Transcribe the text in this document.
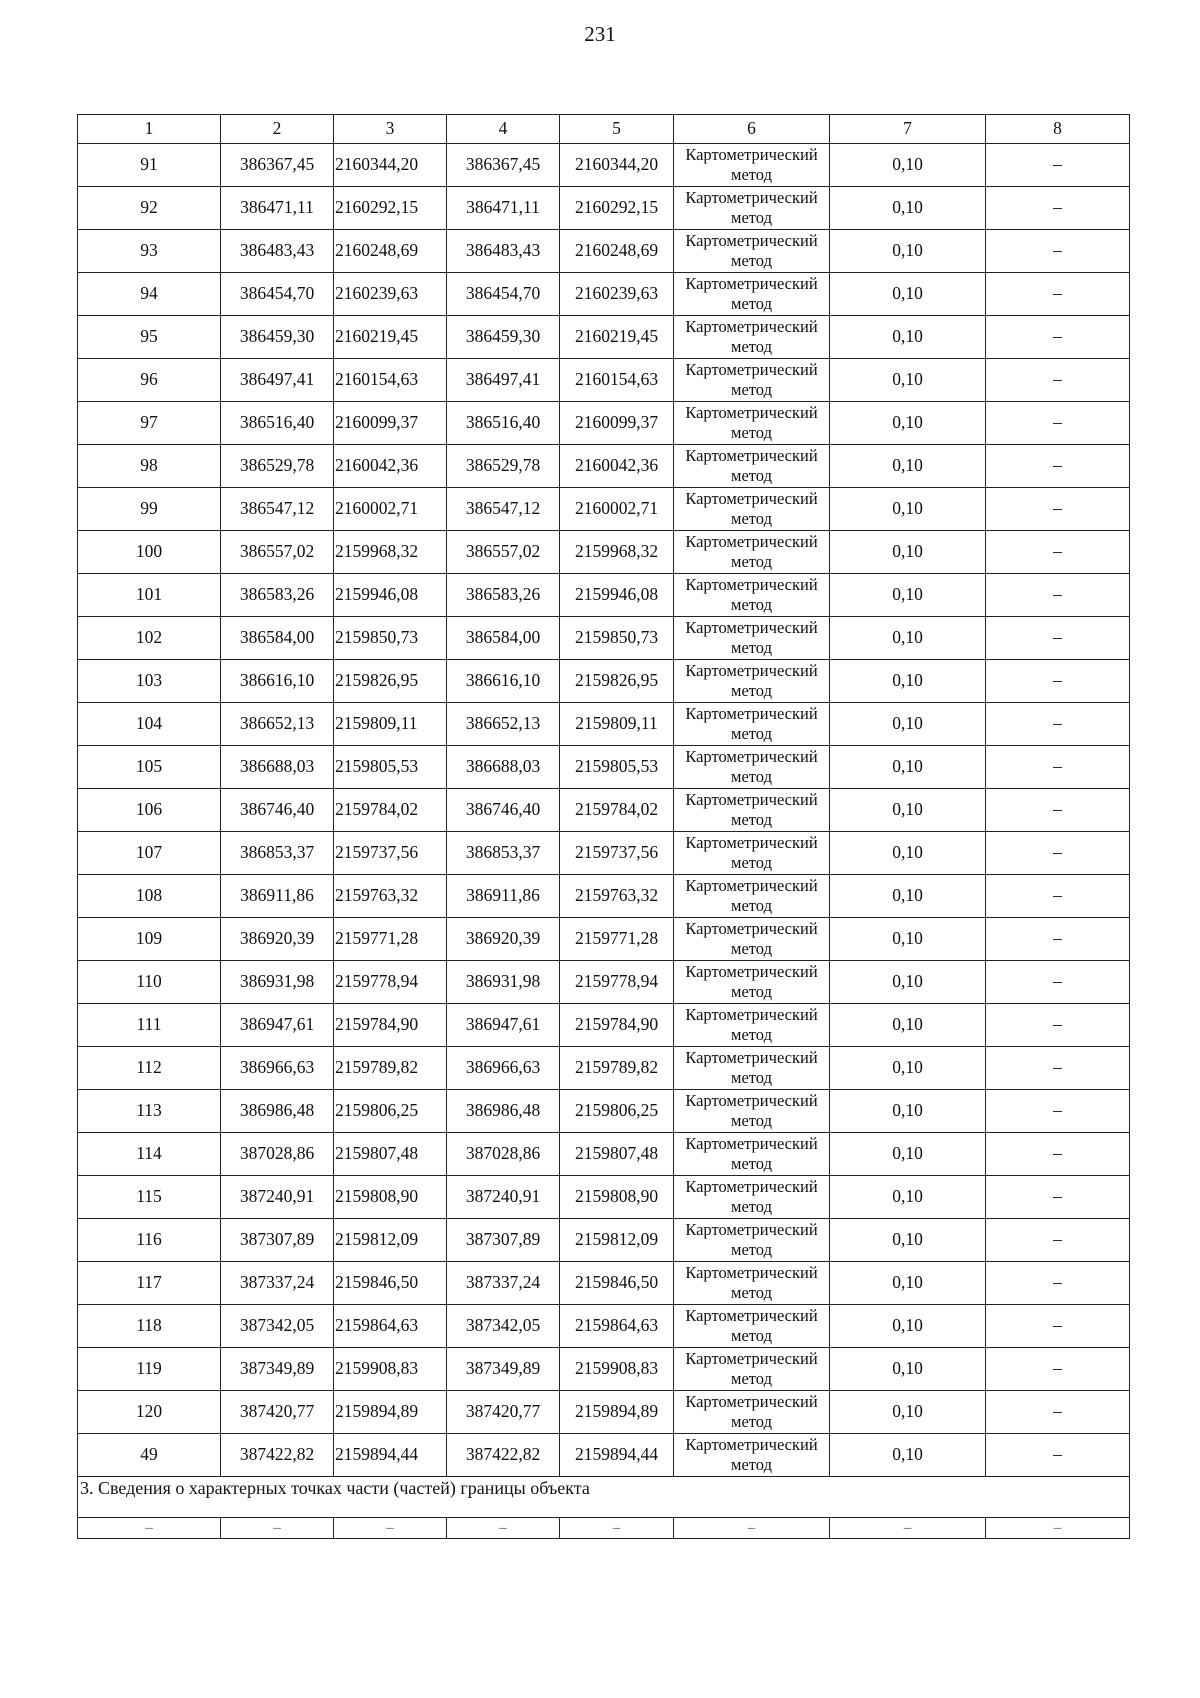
231
1	2	3	4	5	6	7	8
91	386367,45	2160344,20	386367,45	2160344,20	Картометрический метод	0,10	–
92	386471,11	2160292,15	386471,11	2160292,15	Картометрический метод	0,10	–
93	386483,43	2160248,69	386483,43	2160248,69	Картометрический метод	0,10	–
94	386454,70	2160239,63	386454,70	2160239,63	Картометрический метод	0,10	–
95	386459,30	2160219,45	386459,30	2160219,45	Картометрический метод	0,10	–
96	386497,41	2160154,63	386497,41	2160154,63	Картометрический метод	0,10	–
97	386516,40	2160099,37	386516,40	2160099,37	Картометрический метод	0,10	–
98	386529,78	2160042,36	386529,78	2160042,36	Картометрический метод	0,10	–
99	386547,12	2160002,71	386547,12	2160002,71	Картометрический метод	0,10	–
100	386557,02	2159968,32	386557,02	2159968,32	Картометрический метод	0,10	–
101	386583,26	2159946,08	386583,26	2159946,08	Картометрический метод	0,10	–
102	386584,00	2159850,73	386584,00	2159850,73	Картометрический метод	0,10	–
103	386616,10	2159826,95	386616,10	2159826,95	Картометрический метод	0,10	–
104	386652,13	2159809,11	386652,13	2159809,11	Картометрический метод	0,10	–
105	386688,03	2159805,53	386688,03	2159805,53	Картометрический метод	0,10	–
106	386746,40	2159784,02	386746,40	2159784,02	Картометрический метод	0,10	–
107	386853,37	2159737,56	386853,37	2159737,56	Картометрический метод	0,10	–
108	386911,86	2159763,32	386911,86	2159763,32	Картометрический метод	0,10	–
109	386920,39	2159771,28	386920,39	2159771,28	Картометрический метод	0,10	–
110	386931,98	2159778,94	386931,98	2159778,94	Картометрический метод	0,10	–
111	386947,61	2159784,90	386947,61	2159784,90	Картометрический метод	0,10	–
112	386966,63	2159789,82	386966,63	2159789,82	Картометрический метод	0,10	–
113	386986,48	2159806,25	386986,48	2159806,25	Картометрический метод	0,10	–
114	387028,86	2159807,48	387028,86	2159807,48	Картометрический метод	0,10	–
115	387240,91	2159808,90	387240,91	2159808,90	Картометрический метод	0,10	–
116	387307,89	2159812,09	387307,89	2159812,09	Картометрический метод	0,10	–
117	387337,24	2159846,50	387337,24	2159846,50	Картометрический метод	0,10	–
118	387342,05	2159864,63	387342,05	2159864,63	Картометрический метод	0,10	–
119	387349,89	2159908,83	387349,89	2159908,83	Картометрический метод	0,10	–
120	387420,77	2159894,89	387420,77	2159894,89	Картометрический метод	0,10	–
49	387422,82	2159894,44	387422,82	2159894,44	Картометрический метод	0,10	–
3. Сведения о характерных точках части (частей) границы объекта							
–	–	–	–	–	–	–	–
